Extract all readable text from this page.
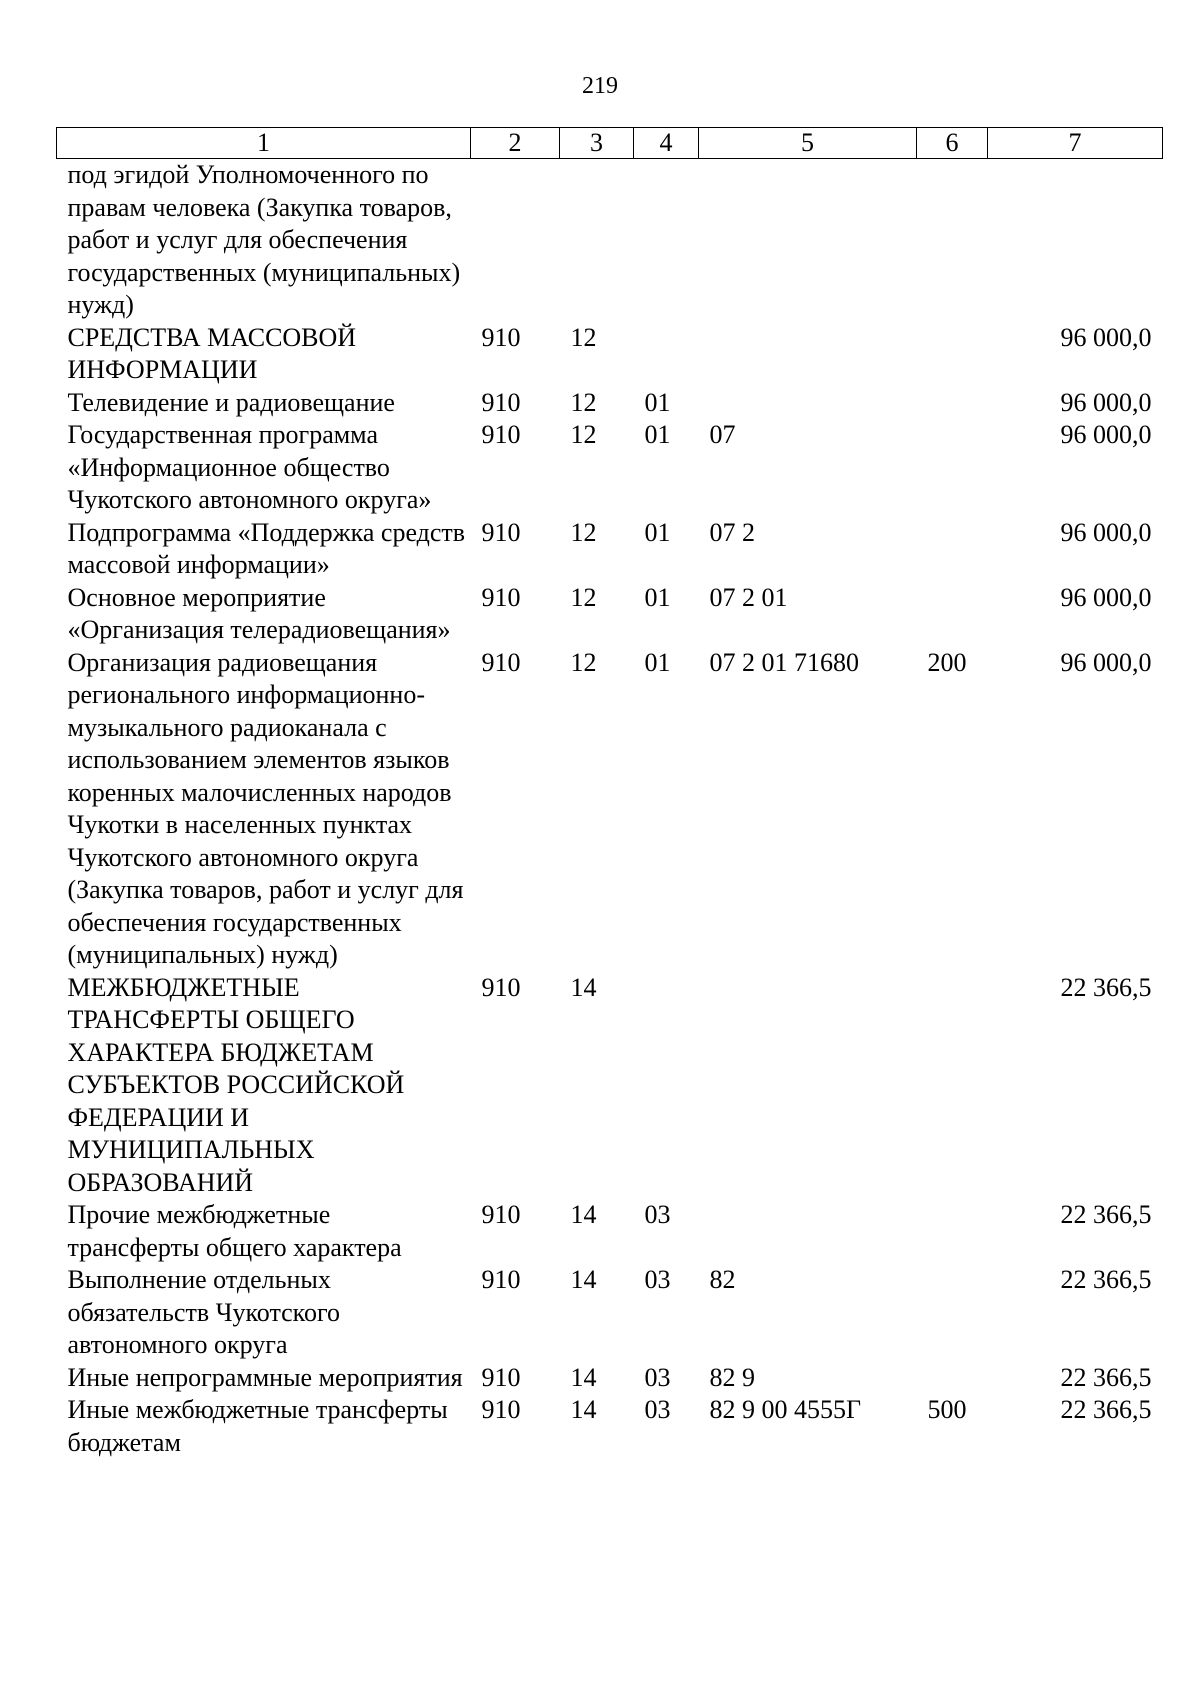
219
1	2	3	4	5	6	7
под эгидой Уполномоченного по правам человека (Закупка товаров, работ и услуг для обеспечения государственных (муниципальных) нужд)						
СРЕДСТВА МАССОВОЙ ИНФОРМАЦИИ	910	12				96 000,0
Телевидение и радиовещание	910	12	01			96 000,0
Государственная программа «Информационное общество Чукотского автономного округа»	910	12	01	07		96 000,0
Подпрограмма «Поддержка средств массовой информации»	910	12	01	07 2		96 000,0
Основное мероприятие «Организация телерадиовещания»	910	12	01	07 2 01		96 000,0
Организация радиовещания регионального информационно-музыкального радиоканала с использованием элементов языков коренных малочисленных народов Чукотки в населенных пунктах Чукотского автономного округа (Закупка товаров, работ и услуг для обеспечения государственных (муниципальных) нужд)	910	12	01	07 2 01 71680	200	96 000,0
МЕЖБЮДЖЕТНЫЕ ТРАНСФЕРТЫ ОБЩЕГО ХАРАКТЕРА БЮДЖЕТАМ СУБЪЕКТОВ РОССИЙСКОЙ ФЕДЕРАЦИИ И МУНИЦИПАЛЬНЫХ ОБРАЗОВАНИЙ	910	14				22 366,5
Прочие межбюджетные трансферты общего характера	910	14	03			22 366,5
Выполнение отдельных обязательств Чукотского автономного округа	910	14	03	82		22 366,5
Иные непрограммные мероприятия	910	14	03	82 9		22 366,5
Иные межбюджетные трансферты бюджетам	910	14	03	82 9 00 4555Г	500	22 366,5
